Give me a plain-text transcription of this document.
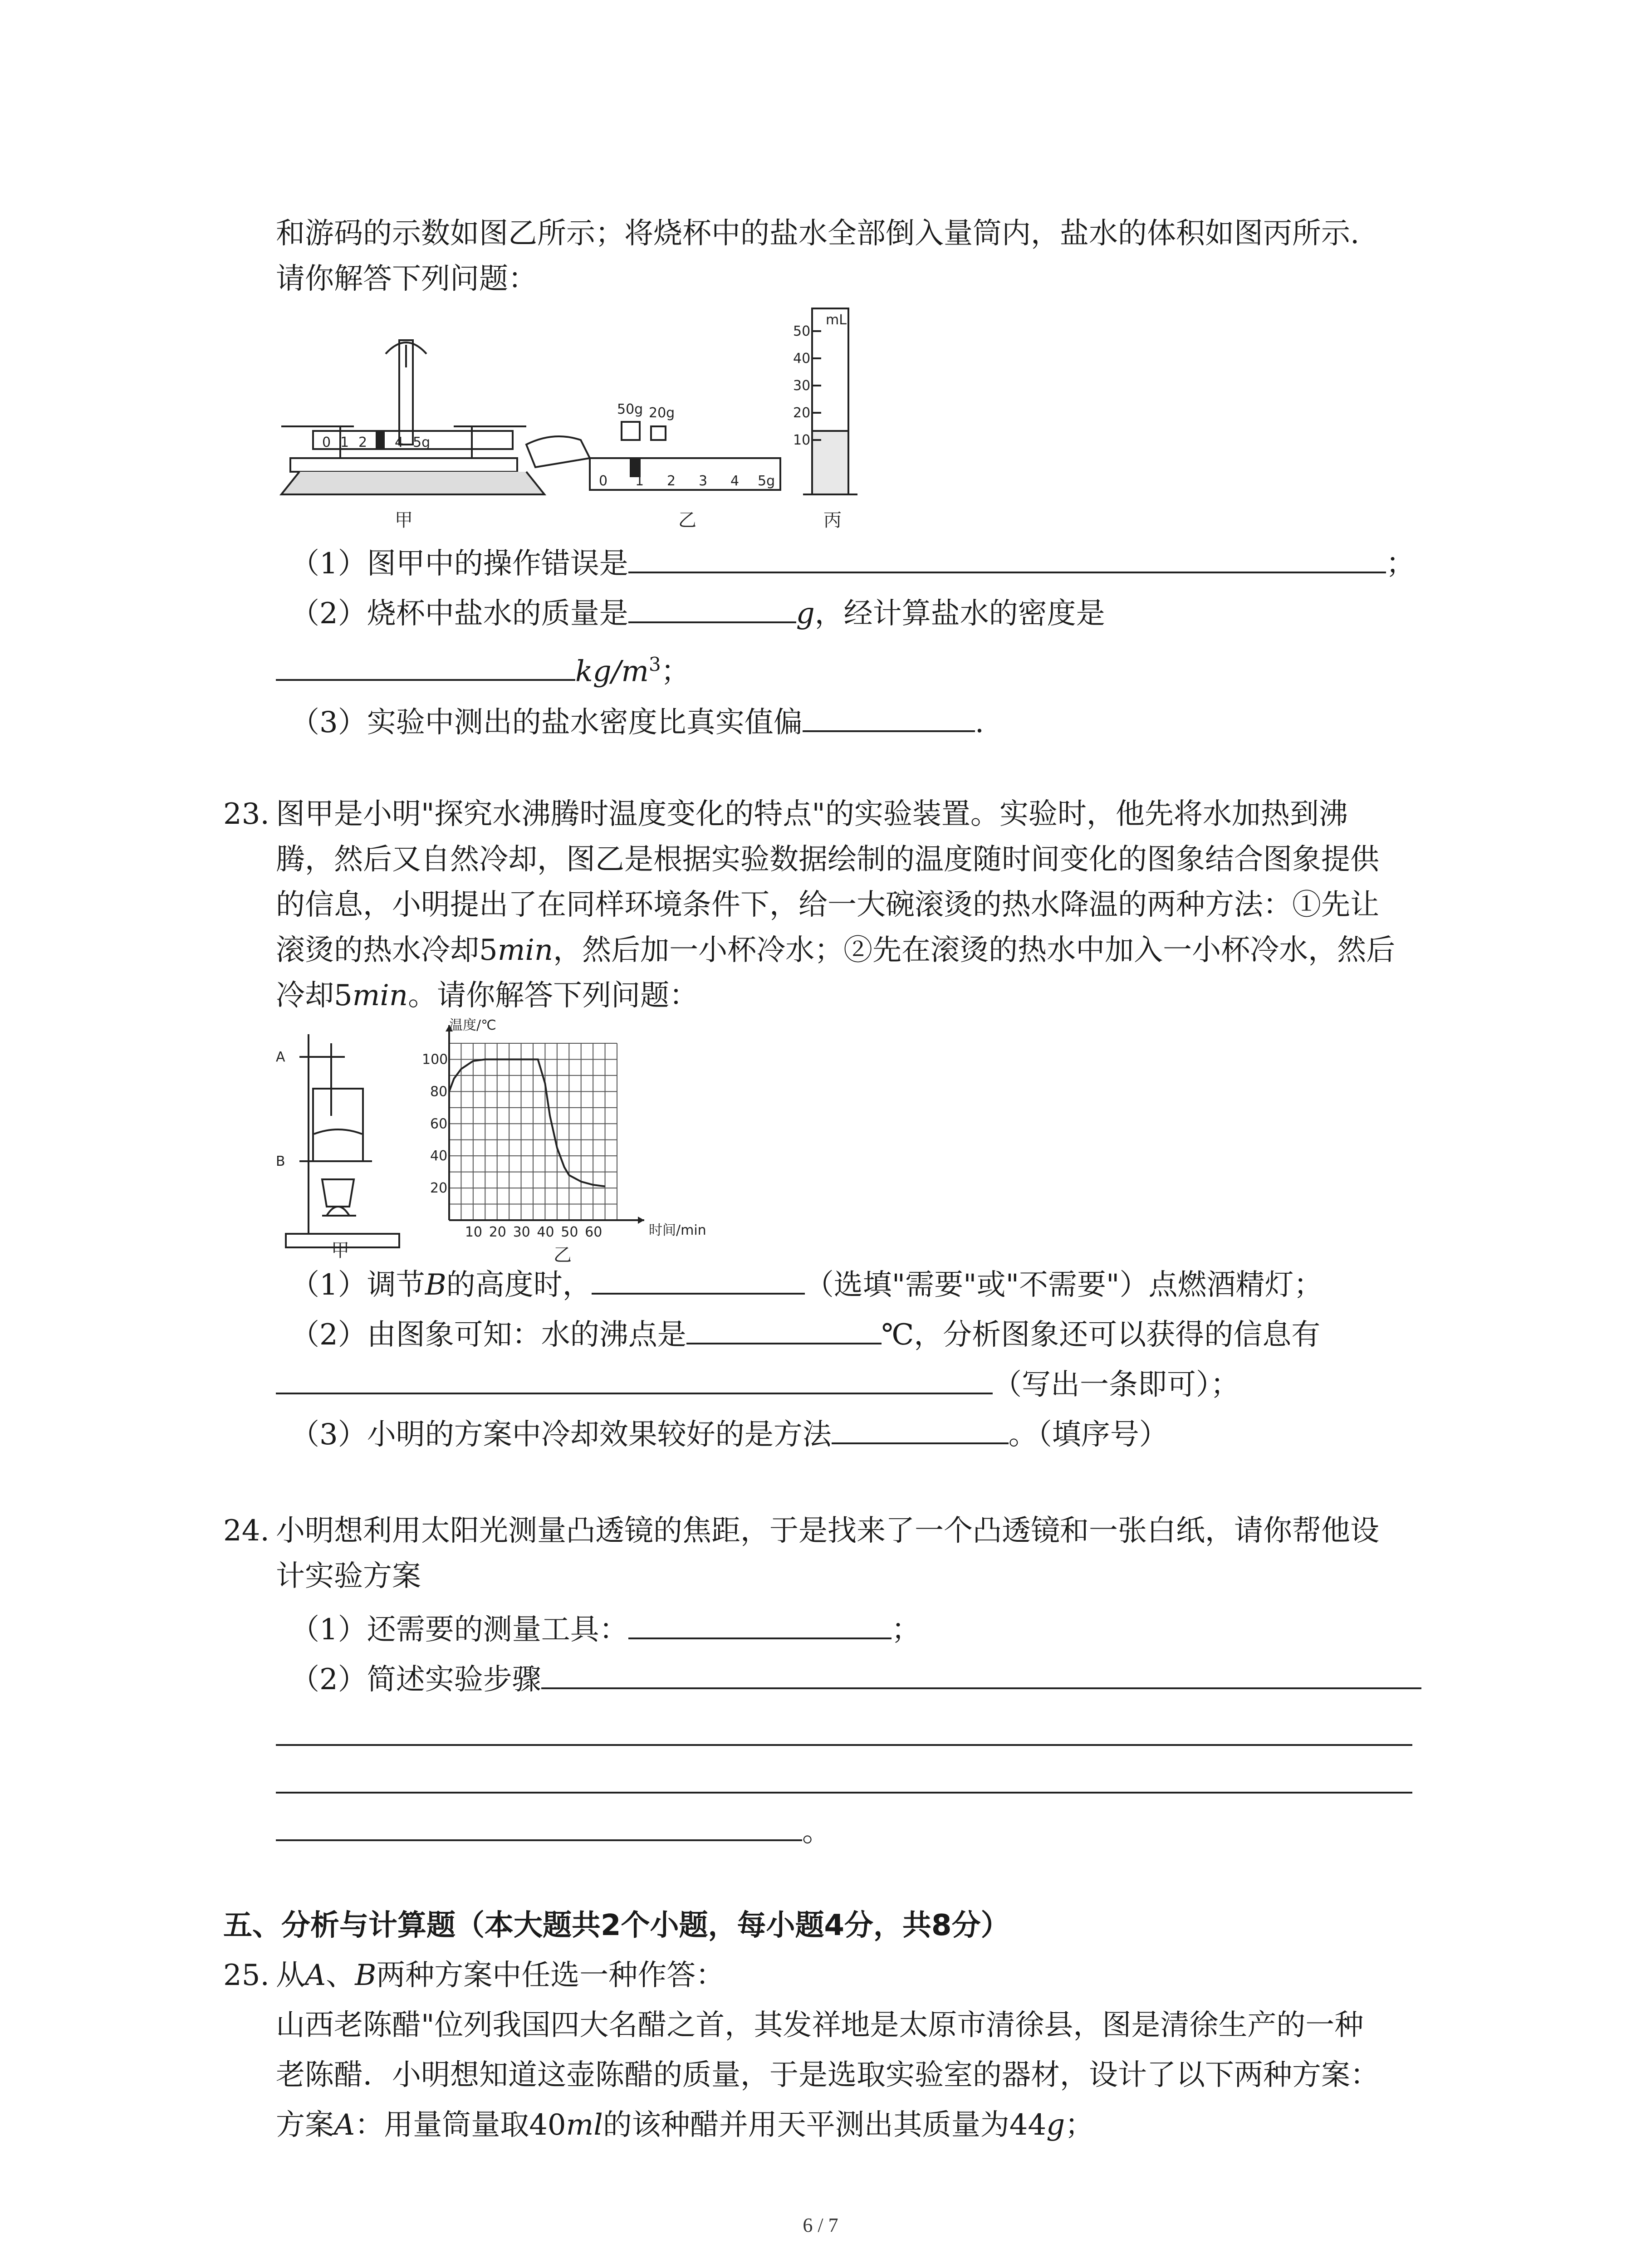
和游码的示数如图乙所示；将烧杯中的盐水全部倒入量筒内，盐水的体积如图丙所示.
请你解答下列问题：
0 1 2 3 4 5g
甲
50g 20g
0 1 2 3 4 5g
乙
mL
50
40
30
20
10
丙
（1）图甲中的操作错误是	；
（2）烧杯中盐水的质量是	g，经计算盐水的密度是
$kg/m^3$；
（3）实验中测出的盐水密度比真实值偏	.
23. 图甲是小明"探究水沸腾时温度变化的特点"的实验装置。实验时，他先将水加热到沸
腾，然后又自然冷却，图乙是根据实验数据绘制的温度随时间变化的图象结合图象提供
的信息，小明提出了在同样环境条件下，给一大碗滚烫的热水降温的两种方法：①先让
滚烫的热水冷却5min，然后加一小杯冷水；②先在滚烫的热水中加入一小杯冷水，然后
冷却5min。请你解答下列问题：
A
B
甲
10 20 30 40 50 60
20
40
60
80
100
温度/℃
时间/min
乙
（1）调节B的高度时，	（选填"需要"或"不需要"）点燃酒精灯；
（2）由图象可知：水的沸点是	℃，分析图象还可以获得的信息有
（写出一条即可）；
（3）小明的方案中冷却效果较好的是方法	。（填序号）
24. 小明想利用太阳光测量凸透镜的焦距，于是找来了一个凸透镜和一张白纸，请你帮他设
计实验方案
（1）还需要的测量工具：	；
（2）简述实验步骤
。
五、分析与计算题（本大题共2个小题，每小题4分，共8分）
25. 从A、B两种方案中任选一种作答：
山西老陈醋"位列我国四大名醋之首，其发祥地是太原市清徐县，图是清徐生产的一种
老陈醋．小明想知道这壶陈醋的质量，于是选取实验室的器材，设计了以下两种方案：
方案A：用量筒量取40ml的该种醋并用天平测出其质量为44g；
6 / 7
